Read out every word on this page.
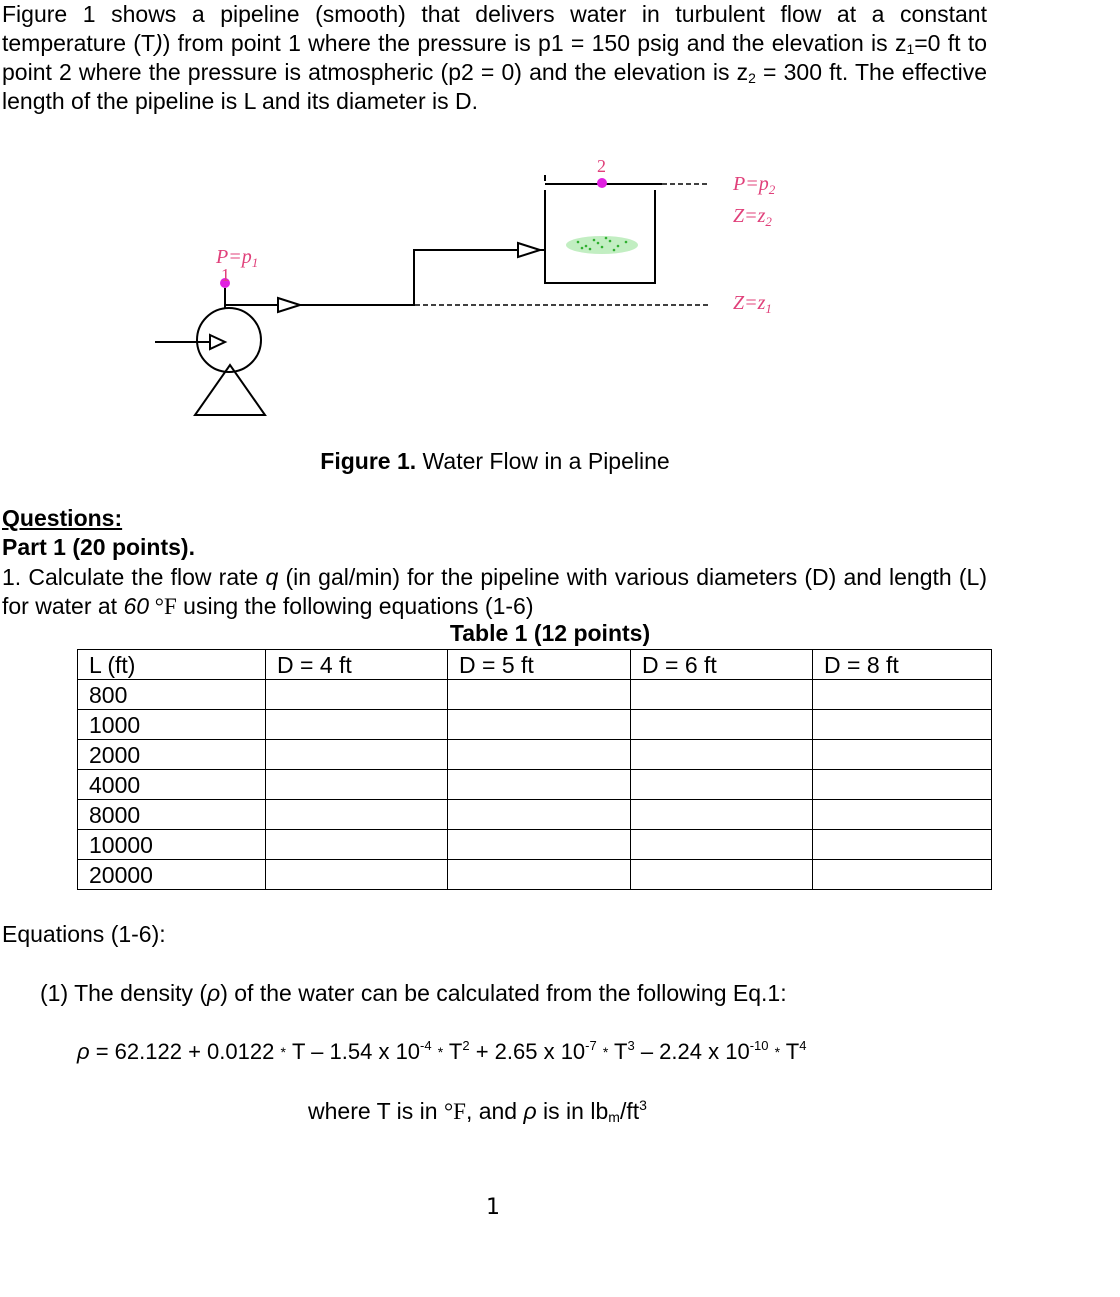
Figure 1 shows a pipeline (smooth) that delivers water in turbulent flow at a constant temperature (T)) from point 1 where the pressure is p1 = 150 psig and the elevation is $z_1=0$ ft to point 2 where the pressure is atmospheric (p2 = 0) and the elevation is $z_2 = 300$ ft. The effective length of the pipeline is L and its diameter is D.
$P=p_1$
1
2
$P=p_2$
$Z=z_2$
$Z=z_1$
Figure 1. Water Flow in a Pipeline
Questions:
Part 1 (20 points).
1. Calculate the flow rate q (in gal/min) for the pipeline with various diameters (D) and length (L) for water at 60 °F using the following equations (1-6)
Table 1 (12 points)
L (ft)	D = 4 ft	D = 5 ft	D = 6 ft	D = 8 ft
800				
1000				
2000				
4000				
8000				
10000				
20000				
Equations (1-6):
(1) The density (ρ) of the water can be calculated from the following Eq.1:
ρ = 62.122 + 0.0122 * T – 1.54 x $10^{-4} * T^2 + 2.65$ x $10^{-7} * T^3 - 2.24$ x $10^{-10} * T^4$
where T is in °F, and ρ is in $lb_m/ft^3$
1
